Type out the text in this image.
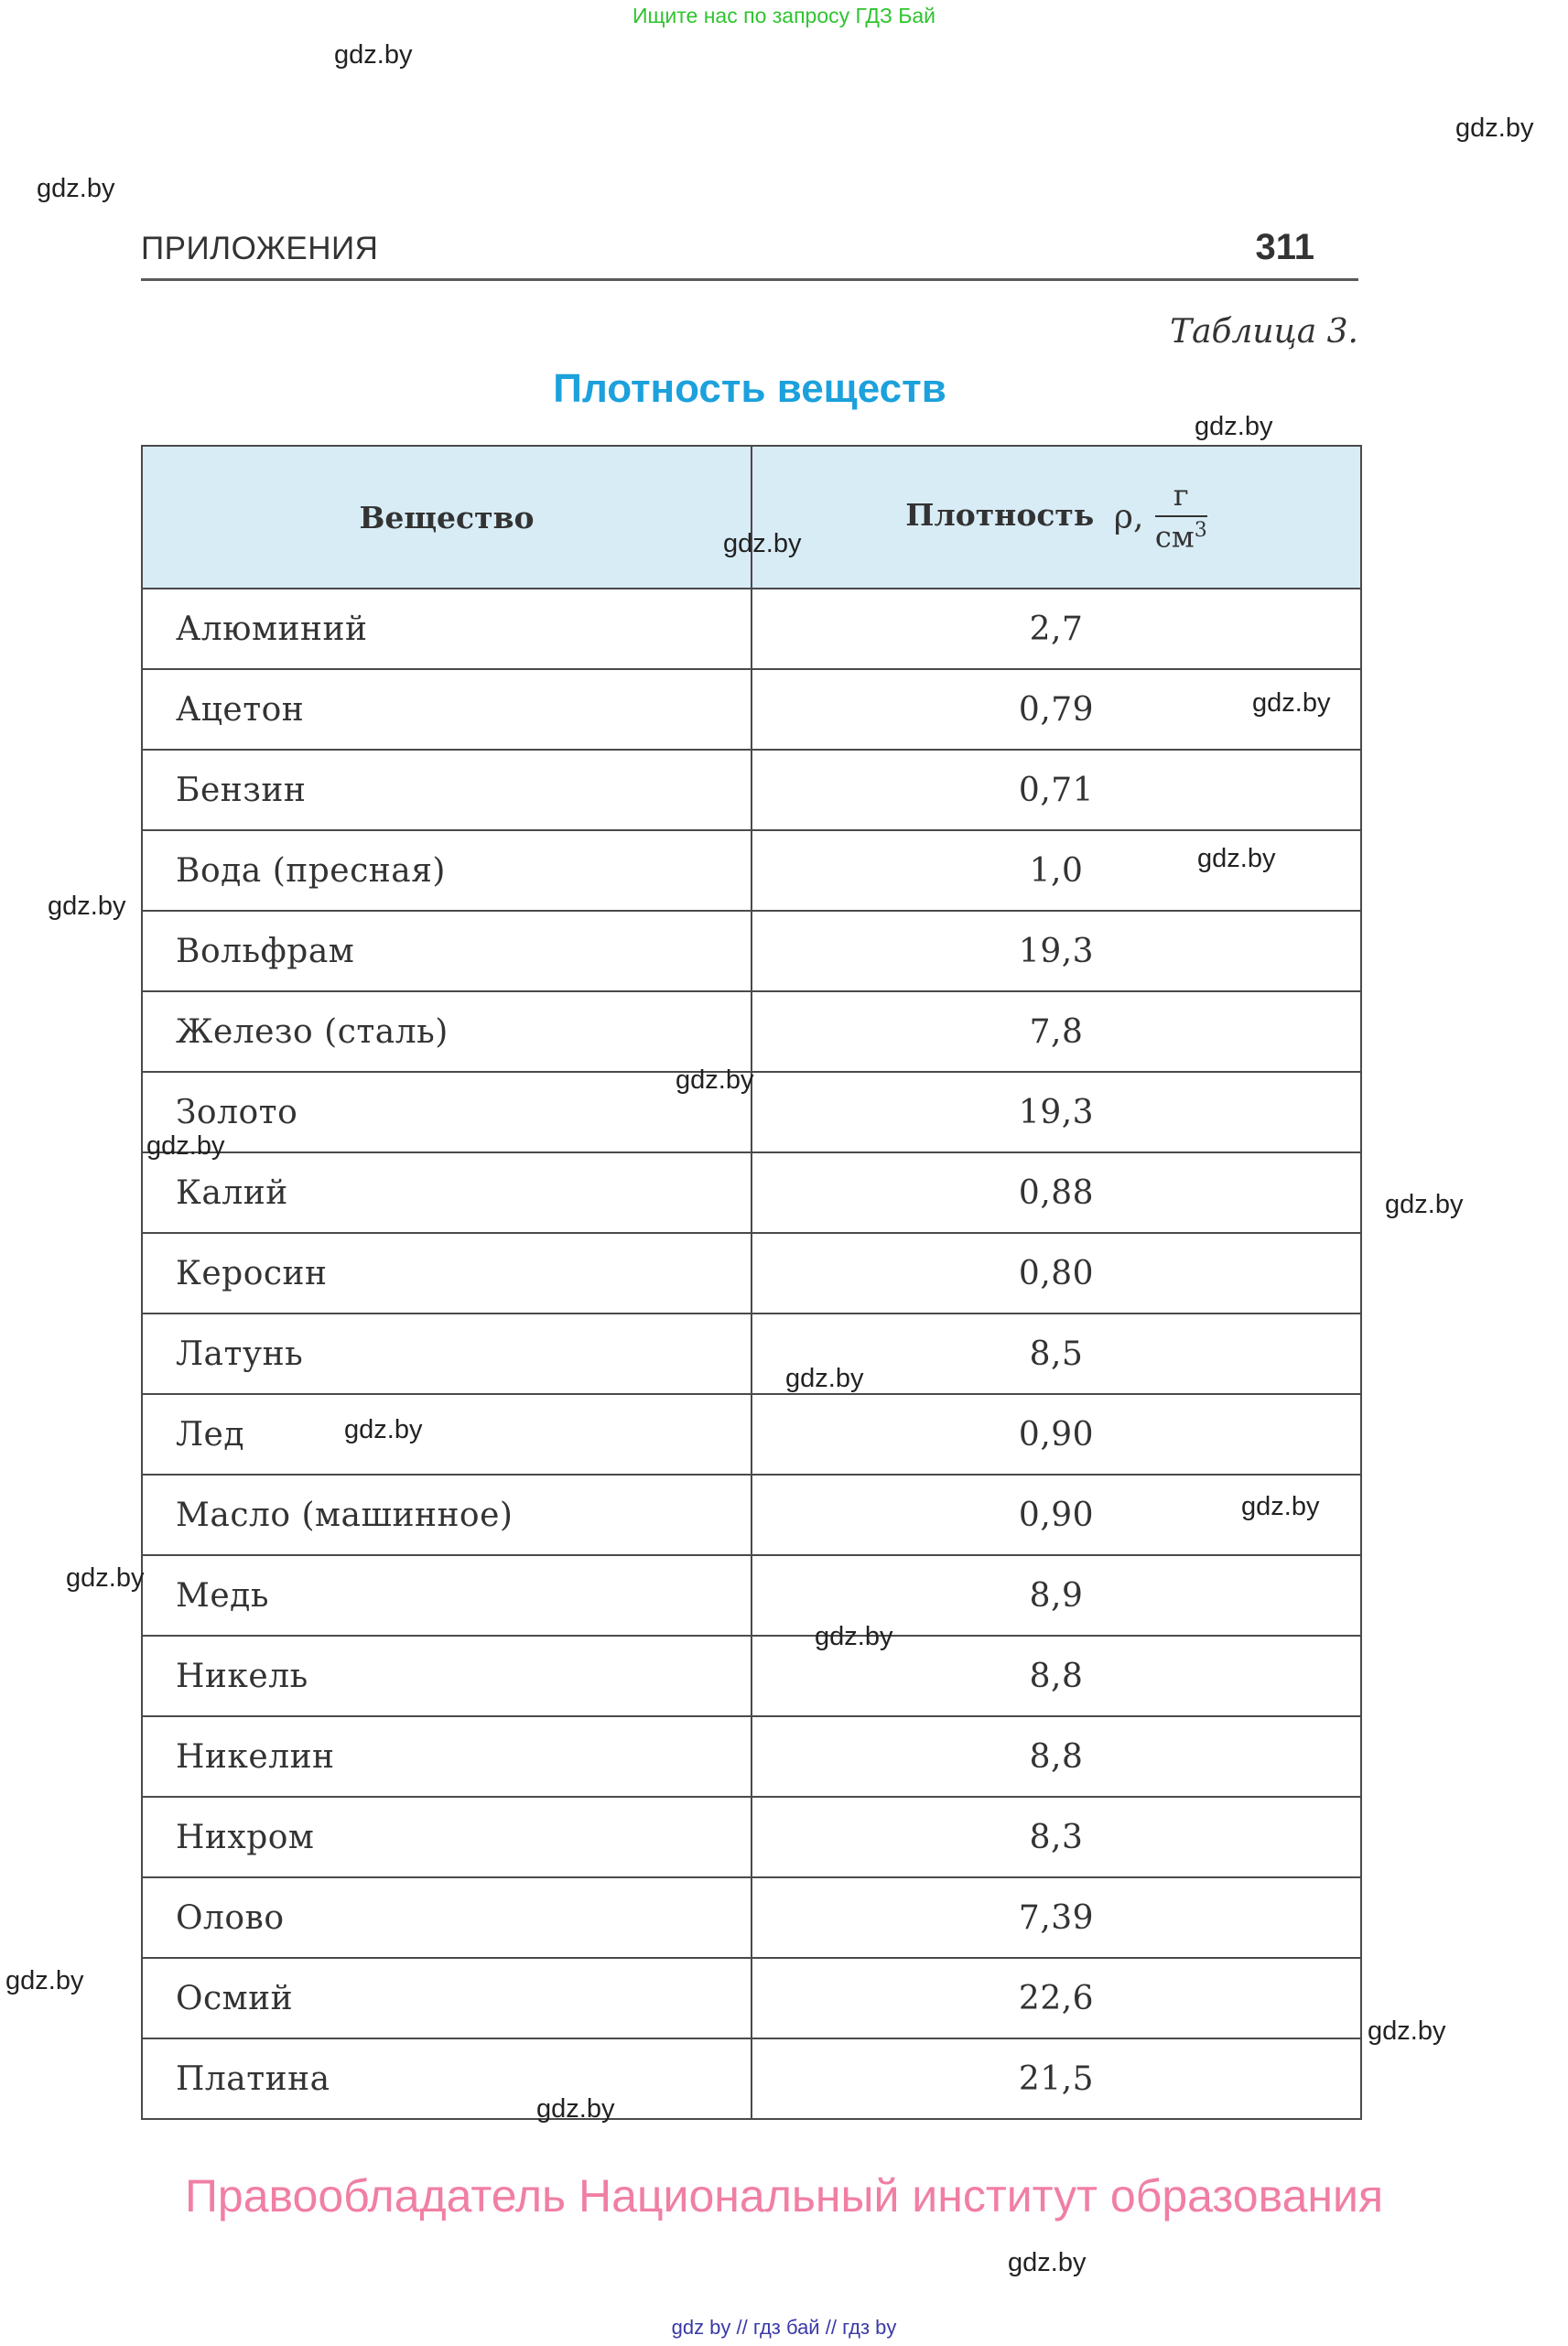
Ищите нас по запросу ГДЗ Бай
ПРИЛОЖЕНИЯ	311
Таблица 3.
Плотность веществ
Вещество	Плотность ρ, $\frac{г}{см^3}$

Алюминий	2,7
Ацетон	0,79
Бензин	0,71
Вода (пресная)	1,0
Вольфрам	19,3
Железо (сталь)	7,8
Золото	19,3
Калий	0,88
Керосин	0,80
Латунь	8,5
Лед	0,90
Масло (машинное)	0,90
Медь	8,9
Никель	8,8
Никелин	8,8
Нихром	8,3
Олово	7,39
Осмий	22,6
Платина	21,5
gdz.by
gdz.by
gdz.by
gdz.by
gdz.by
gdz.by
gdz.by
gdz.by
gdz.by
gdz.by
gdz.by
gdz.by
gdz.by
gdz.by
gdz.by
gdz.by
gdz.by
gdz.by
gdz.by
gdz.by
Правообладатель Национальный институт образования
gdz by // гдз бай // гдз by
